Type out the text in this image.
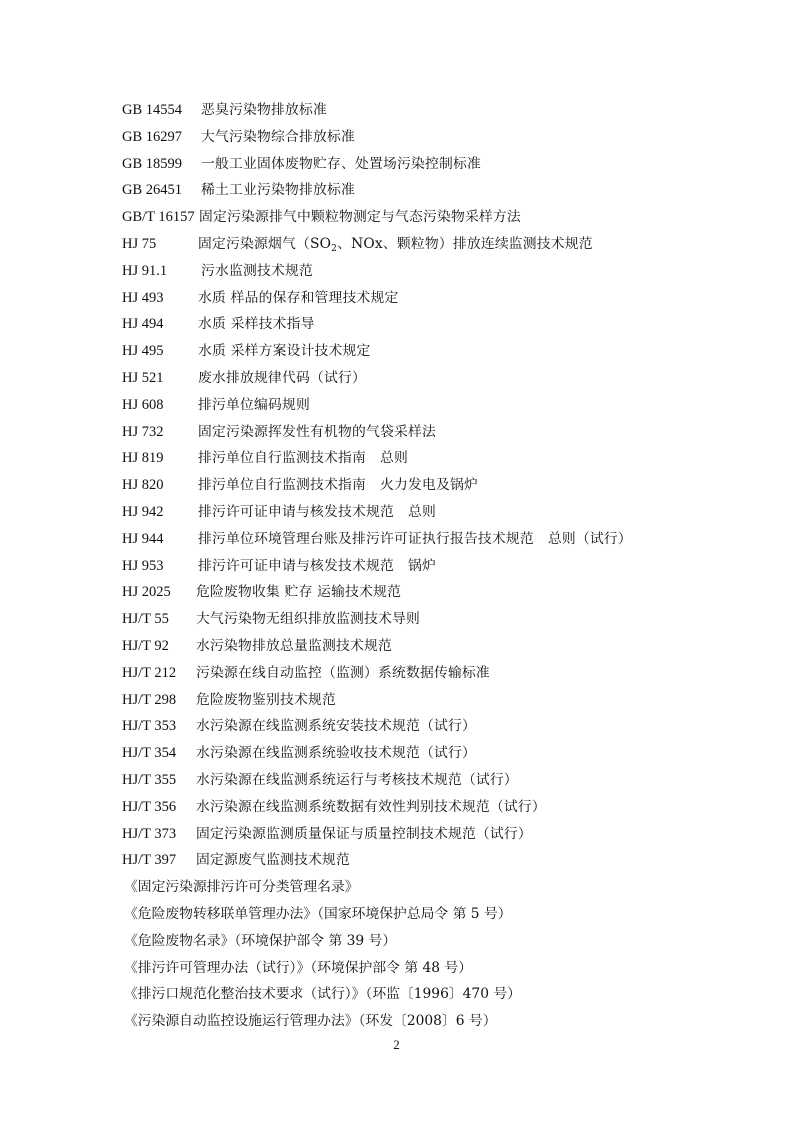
GB 14554 恶臭污染物排放标准
GB 16297 大气污染物综合排放标准
GB 18599 一般工业固体废物贮存、处置场污染控制标准
GB 26451 稀土工业污染物排放标准
GB/T 16157 固定污染源排气中颗粒物测定与气态污染物采样方法
HJ 75	固定污染源烟气（$SO_2$、NOx、颗粒物）排放连续监测技术规范
HJ 91.1 污水监测技术规范
HJ 493	水质 样品的保存和管理技术规定
HJ 494	水质 采样技术指导
HJ 495	水质 采样方案设计技术规定
HJ 521	废水排放规律代码（试行）
HJ 608	排污单位编码规则
HJ 732	固定污染源挥发性有机物的气袋采样法
HJ 819	排污单位自行监测技术指南　总则
HJ 820	排污单位自行监测技术指南　火力发电及锅炉
HJ 942	排污许可证申请与核发技术规范　总则
HJ 944	排污单位环境管理台账及排污许可证执行报告技术规范　总则（试行）
HJ 953	排污许可证申请与核发技术规范　锅炉
HJ 2025 危险废物收集 贮存 运输技术规范
HJ/T 55 大气污染物无组织排放监测技术导则
HJ/T 92 水污染物排放总量监测技术规范
HJ/T 212 污染源在线自动监控（监测）系统数据传输标准
HJ/T 298 危险废物鉴别技术规范
HJ/T 353 水污染源在线监测系统安装技术规范（试行）
HJ/T 354 水污染源在线监测系统验收技术规范（试行）
HJ/T 355 水污染源在线监测系统运行与考核技术规范（试行）
HJ/T 356 水污染源在线监测系统数据有效性判别技术规范（试行）
HJ/T 373 固定污染源监测质量保证与质量控制技术规范（试行）
HJ/T 397 固定源废气监测技术规范
《固定污染源排污许可分类管理名录》
《危险废物转移联单管理办法》（国家环境保护总局令 第 5 号）
《危险废物名录》（环境保护部令 第 39 号）
《排污许可管理办法（试行）》（环境保护部令 第 48 号）
《排污口规范化整治技术要求（试行）》（环监〔1996〕470 号）
《污染源自动监控设施运行管理办法》（环发〔2008〕6 号）
2
